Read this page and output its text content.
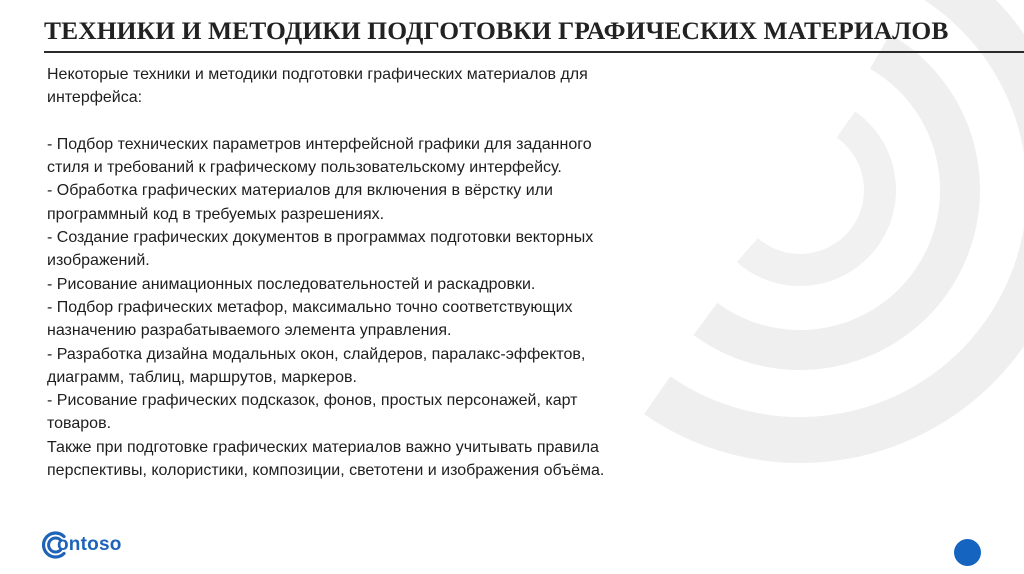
ТЕХНИКИ И МЕТОДИКИ ПОДГОТОВКИ ГРАФИЧЕСКИХ МАТЕРИАЛОВ
Некоторые техники и методики подготовки графических материалов для
интерфейса:
- Подбор технических параметров интерфейсной графики для заданного
стиля и требований к графическому пользовательскому интерфейсу.
- Обработка графических материалов для включения в вёрстку или
программный код в требуемых разрешениях.
- Создание графических документов в программах подготовки векторных
изображений.
- Рисование анимационных последовательностей и раскадровки.
- Подбор графических метафор, максимально точно соответствующих
назначению разрабатываемого элемента управления.
- Разработка дизайна модальных окон, слайдеров, паралакс-эффектов,
диаграмм, таблиц, маршрутов, маркеров.
- Рисование графических подсказок, фонов, простых персонажей, карт
товаров.
Также при подготовке графических материалов важно учитывать правила
перспективы, колористики, композиции, светотени и изображения объёма.
ontoso
